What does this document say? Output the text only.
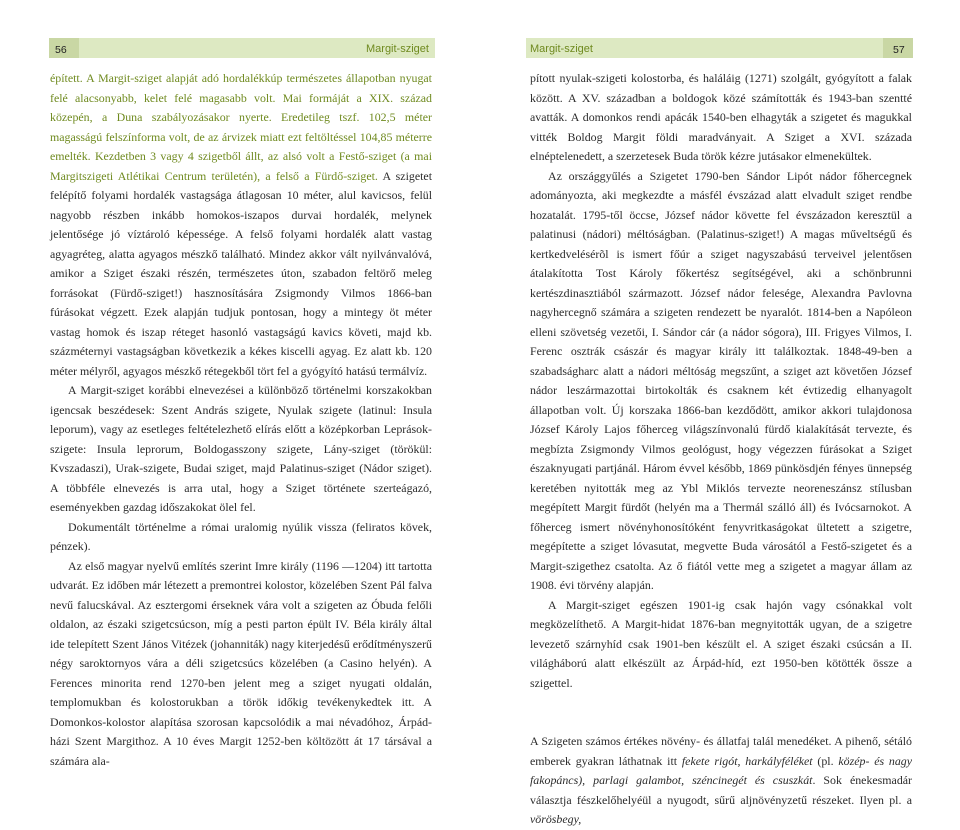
56	Margit-sziget	57
Margit-sziget

épített. A Margit-sziget alapját adó hordalékkúp természetes állapotban nyugat felé alacsonyabb, kelet felé magasabb volt. Mai formáját a XIX. század közepén, a Duna szabályozásakor nyerte. Eredetileg tszf. 102,5 méter magasságú felszínforma volt, de az árvizek miatt ezt feltöltéssel 104,85 méterre emelték. Kezdetben 3 vagy 4 szigetből állt, az alsó volt a Festő-sziget (a mai Margitszigeti Atlétikai Centrum területén), a felső a Fürdő-sziget. A szigetet felépítő folyami hordalék vastagsága átlagosan 10 méter, alul kavicsos, felül nagyobb részben inkább homokos-iszapos durvai hordalék, melynek jelentősége jó víztároló képessége. A felső folyami hordalék alatt vastag agyagréteg, alatta agyagos mészkő található. Mindez akkor vált nyilvánvalóvá, amikor a Sziget északi részén, természetes úton, szabadon feltörő meleg forrásokat (Fürdő-sziget!) hasznosítására Zsigmondy Vilmos 1866-ban fúrásokat végzett. Ezek alapján tudjuk pontosan, hogy a mintegy öt méter vastag homok és iszap réteget hasonló vastagságú kavics követi, majd kb. százméternyi vastagságban következik a kékes kiscelli agyag. Ez alatt kb. 120 méter mélyről, agyagos mészkő rétegekből tört fel a gyógyító hatású termálvíz.

A Margit-sziget korábbi elnevezései a különböző történelmi korszakokban igencsak beszédesek: Szent András szigete, Nyulak szigete (latinul: Insula leporum), vagy az esetleges feltételezhető elírás előtt a középkorban Leprások-szigete: Insula leprorum, Boldogasszony szigete, Lány-sziget (törökül: Kvszadaszi), Urak-szigete, Budai sziget, majd Palatinus-sziget (Nádor sziget). A többféle elnevezés is arra utal, hogy a Sziget története szerteágazó, eseményekben gazdag időszakokat ölel fel.

Dokumentált történelme a római uralomig nyúlik vissza (feliratos kövek, pénzek).

Az első magyar nyelvű említés szerint Imre király (1196 —1204) itt tartotta udvarát. Ez időben már létezett a premontrei kolostor, közelében Szent Pál falva nevű falucskával. Az esztergomi érseknek vára volt a szigeten az Óbuda felőli oldalon, az északi szigetcsúcson, míg a pesti parton épült IV. Béla király által ide telepített Szent János Vitézek (johanniták) nagy kiterjedésű erődítményszerű négy saroktornyos vára a déli szigetcsúcs közelében (a Casino helyén). A Ferences minorita rend 1270-ben jelent meg a sziget nyugati oldalán, templomukban és kolostorukban a török időkig tevékenykedtek itt. A Domonkos-kolostor alapítása szorosan kapcsolódik a mai névadóhoz, Árpád-házi Szent Margithoz. A 10 éves Margit 1252-ben költözött át 17 társával a számára ala-

pított nyulak-szigeti kolostorba, és haláláig (1271) szolgált, gyógyított a falak között. A XV. században a boldogok közé számították és 1943-ban szentté avatták. A domonkos rendi apácák 1540-ben elhagyták a szigetet és magukkal vitték Boldog Margit földi maradványait. A Sziget a XVI. százada elnéptelenedett, a szerzetesek Buda török kézre jutásakor elmenekültek.

Az országgyűlés a Szigetet 1790-ben Sándor Lipót nádor főhercegnek adományozta, aki megkezdte a másfél évszázad alatt elvadult sziget rendbe hozatalát. 1795-től öccse, József nádor követte fel évszázadon keresztül a palatinusi (nádori) méltóságban. (Palatinus-sziget!) A magas műveltségű és kertkedvelésérõl is ismert főúr a sziget nagyszabású terveivel jelentősen átalakította Tost Károly főkertész segítségével, aki a schönbrunni kertészdinasztiából származott. József nádor felesége, Alexandra Pavlovna nagyhercegnő számára a szigeten rendezett be nyaralót. 1814-ben a Napóleon elleni szövetség vezetői, I. Sándor cár (a nádor sógora), III. Frigyes Vilmos, I. Ferenc osztrák császár és magyar király itt találkoztak. 1848-49-ben a szabadságharc alatt a nádori méltóság megszűnt, a sziget azt követően József nádor leszármazottai birtokolták és csaknem két évtizedig elhanyagolt állapotban volt. Új korszaka 1866-ban kezdődött, amikor akkori tulajdonosa József Károly Lajos főherceg világszínvonalú fürdő kialakítását tervezte, és megbízta Zsigmondy Vilmos geológust, hogy végezzen fúrásokat a Sziget északnyugati partjánál. Három évvel később, 1869 pünkösdjén fényes ünnepség keretében nyitották meg az Ybl Miklós tervezte neoreneszánsz stílusban megépített Margit fürdőt (helyén ma a Thermál szálló áll) és Ivócsarnokot. A főherceg ismert növényhonosítóként fenyvritkaságokat ültetett a szigetre, megépítette a sziget lóvasutat, megvette Buda városától a Festő-szigetet és a Margit-szigethez csatolta. Az ő fiától vette meg a szigetet a magyar állam az 1908. évi törvény alapján.

A Margit-sziget egészen 1901-ig csak hajón vagy csónakkal volt megközelíthető. A Margit-hidat 1876-ban megnyitották ugyan, de a szigetre levezető szárnyhíd csak 1901-ben készült el. A sziget északi csúcsán a II. világháború alatt elkészült az Árpád-híd, ezt 1950-ben kötötték össze a szigettel.

A Szigeten számos értékes növény- és állatfaj talál menedéket. A pihenő, sétáló emberek gyakran láthatnak itt fekete rigót, harkályféléket (pl. közép- és nagy fakopáncs), parlagi galambot, széncinegét és csuszkát. Sok énekesmadár választja fészkelőhelyéül a nyugodt, sűrű aljnövényzetű részeket. Ilyen pl. a vörösbegy,
